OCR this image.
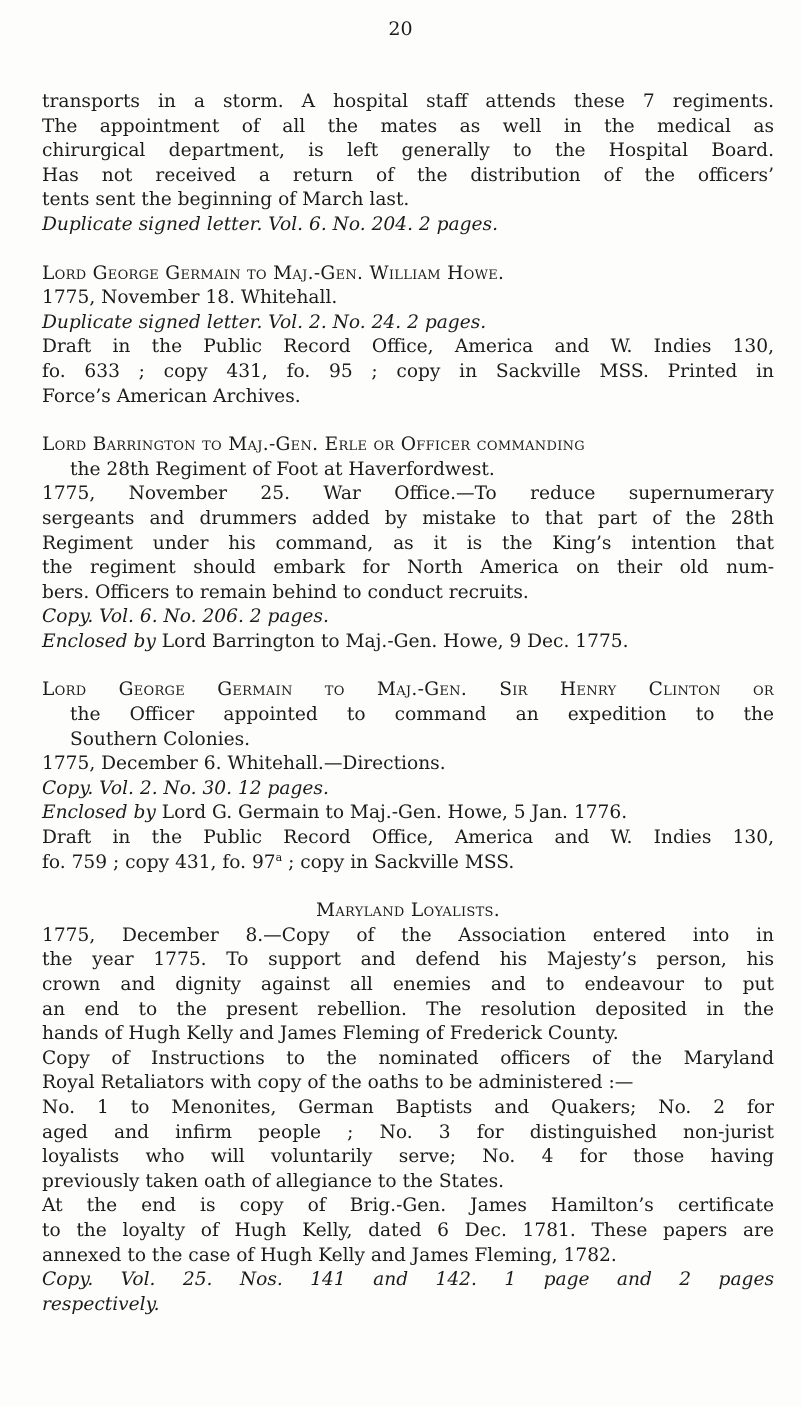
20
transports in a storm. A hospital staff attends these 7 regiments.
The appointment of all the mates as well in the medical as
chirurgical department, is left generally to the Hospital Board.
Has not received a return of the distribution of the officers’
tents sent the beginning of March last.
Duplicate signed letter. Vol. 6. No. 204. 2 pages.
Lord George Germain to Maj.-Gen. William Howe.
1775, November 18. Whitehall.
Duplicate signed letter. Vol. 2. No. 24. 2 pages.
Draft in the Public Record Office, America and W. Indies 130,
fo. 633 ; copy 431, fo. 95 ; copy in Sackville MSS. Printed in
Force’s American Archives.
Lord Barrington to Maj.-Gen. Erle or Officer commanding
the 28th Regiment of Foot at Haverfordwest.
1775, November 25. War Office.—To reduce supernumerary
sergeants and drummers added by mistake to that part of the 28th
Regiment under his command, as it is the King’s intention that
the regiment should embark for North America on their old num-
bers. Officers to remain behind to conduct recruits.
Copy. Vol. 6. No. 206. 2 pages.
Enclosed by Lord Barrington to Maj.-Gen. Howe, 9 Dec. 1775.
Lord George Germain to Maj.-Gen. Sir Henry Clinton or
the Officer appointed to command an expedition to the
Southern Colonies.
1775, December 6. Whitehall.—Directions.
Copy. Vol. 2. No. 30. 12 pages.
Enclosed by Lord G. Germain to Maj.-Gen. Howe, 5 Jan. 1776.
Draft in the Public Record Office, America and W. Indies 130,
fo. 759 ; copy 431, fo. 97$^a$ ; copy in Sackville MSS.
Maryland Loyalists.
1775, December 8.—Copy of the Association entered into in
the year 1775. To support and defend his Majesty’s person, his
crown and dignity against all enemies and to endeavour to put
an end to the present rebellion. The resolution deposited in the
hands of Hugh Kelly and James Fleming of Frederick County.
Copy of Instructions to the nominated officers of the Maryland
Royal Retaliators with copy of the oaths to be administered :—
No. 1 to Menonites, German Baptists and Quakers; No. 2 for
aged and infirm people ; No. 3 for distinguished non-jurist
loyalists who will voluntarily serve; No. 4 for those having
previously taken oath of allegiance to the States.
At the end is copy of Brig.-Gen. James Hamilton’s certificate
to the loyalty of Hugh Kelly, dated 6 Dec. 1781. These papers are
annexed to the case of Hugh Kelly and James Fleming, 1782.
Copy. Vol. 25. Nos. 141 and 142. 1 page and 2 pages
respectively.
